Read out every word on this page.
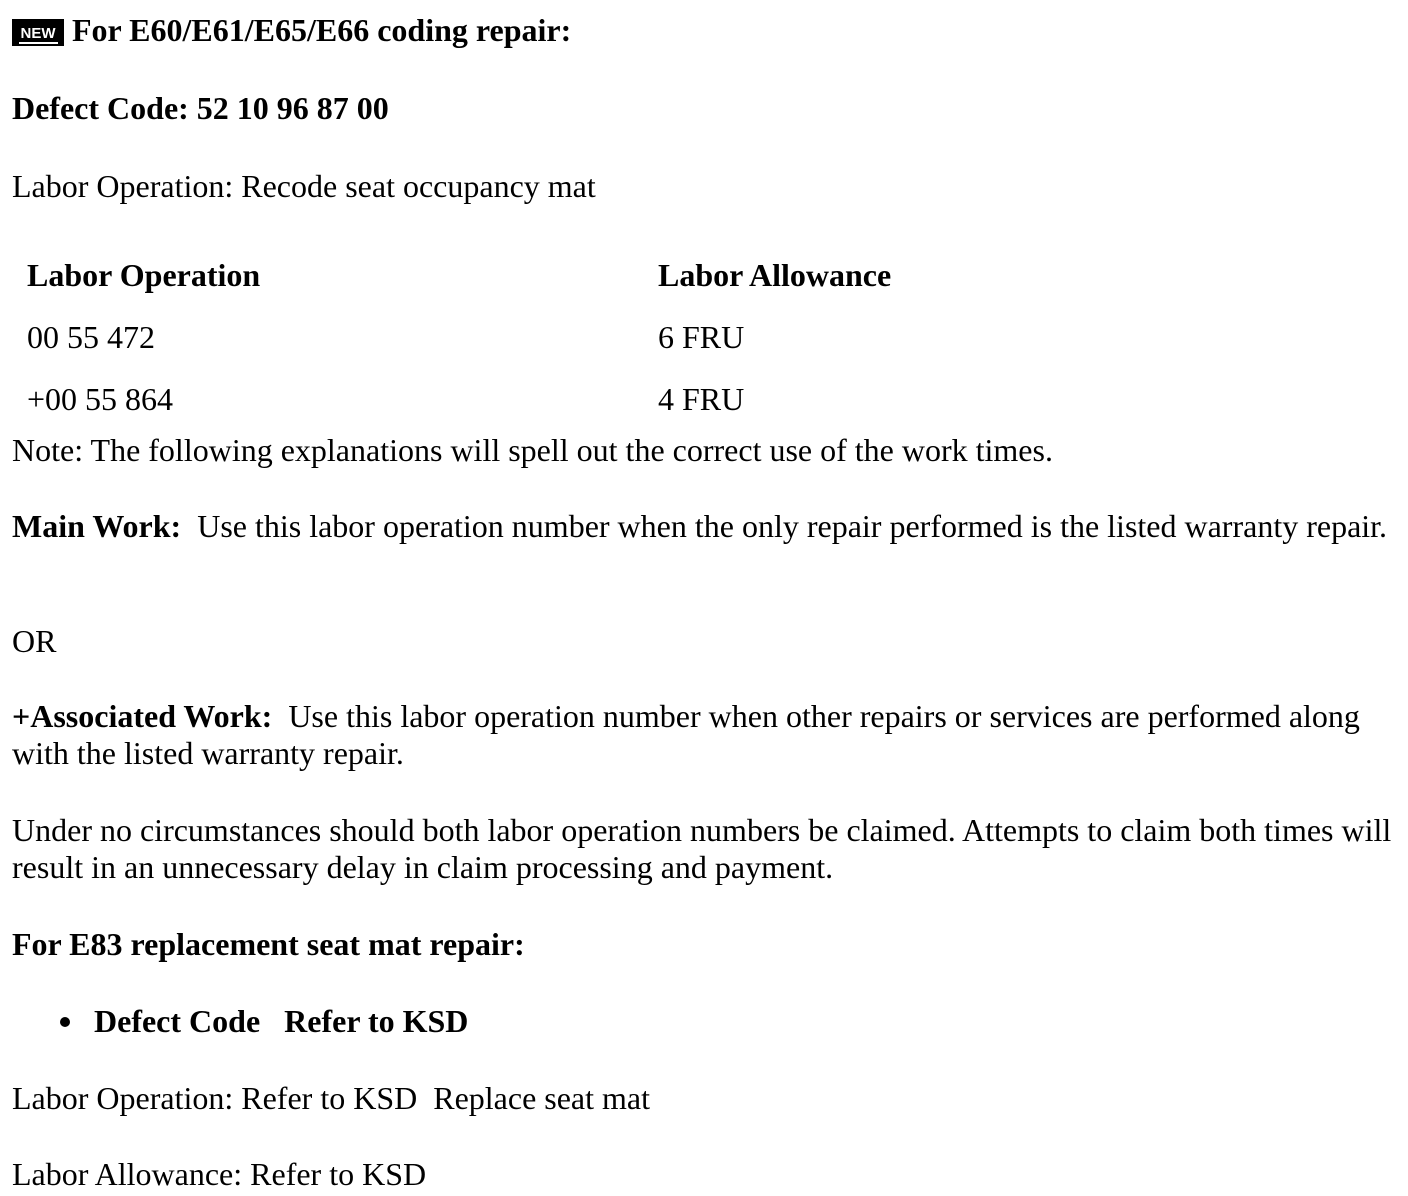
NEW For E60/E61/E65/E66 coding repair:
Defect Code: 52 10 96 87 00
Labor Operation: Recode seat occupancy mat
Labor Operation	Labor Allowance
00 55 472	6 FRU
+00 55 864	4 FRU
Note: The following explanations will spell out the correct use of the work times.
Main Work: Use this labor operation number when the only repair performed is the listed warranty repair.
OR
+Associated Work: Use this labor operation number when other repairs or services are performed along with the listed warranty repair.
Under no circumstances should both labor operation numbers be claimed. Attempts to claim both times will result in an unnecessary delay in claim processing and payment.
For E83 replacement seat mat repair:
Defect Code Refer to KSD
Labor Operation: Refer to KSD  Replace seat mat
Labor Allowance: Refer to KSD
